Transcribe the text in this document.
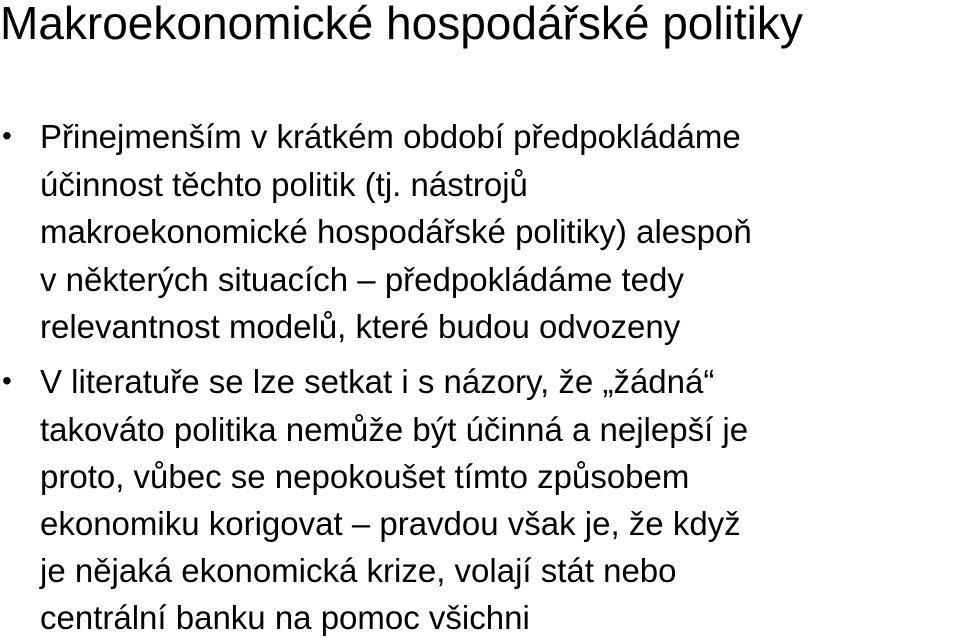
Makroekonomické hospodářské politiky
• Přinejmenším v krátkém období předpokládáme
účinnost těchto politik (tj. nástrojů
makroekonomické hospodářské politiky) alespoň
v některých situacích – předpokládáme tedy
relevantnost modelů, které budou odvozeny
• V literatuře se lze setkat i s názory, že „žádná“
takováto politika nemůže být účinná a nejlepší je
proto, vůbec se nepokoušet tímto způsobem
ekonomiku korigovat – pravdou však je, že když
je nějaká ekonomická krize, volají stát nebo
centrální banku na pomoc všichni
